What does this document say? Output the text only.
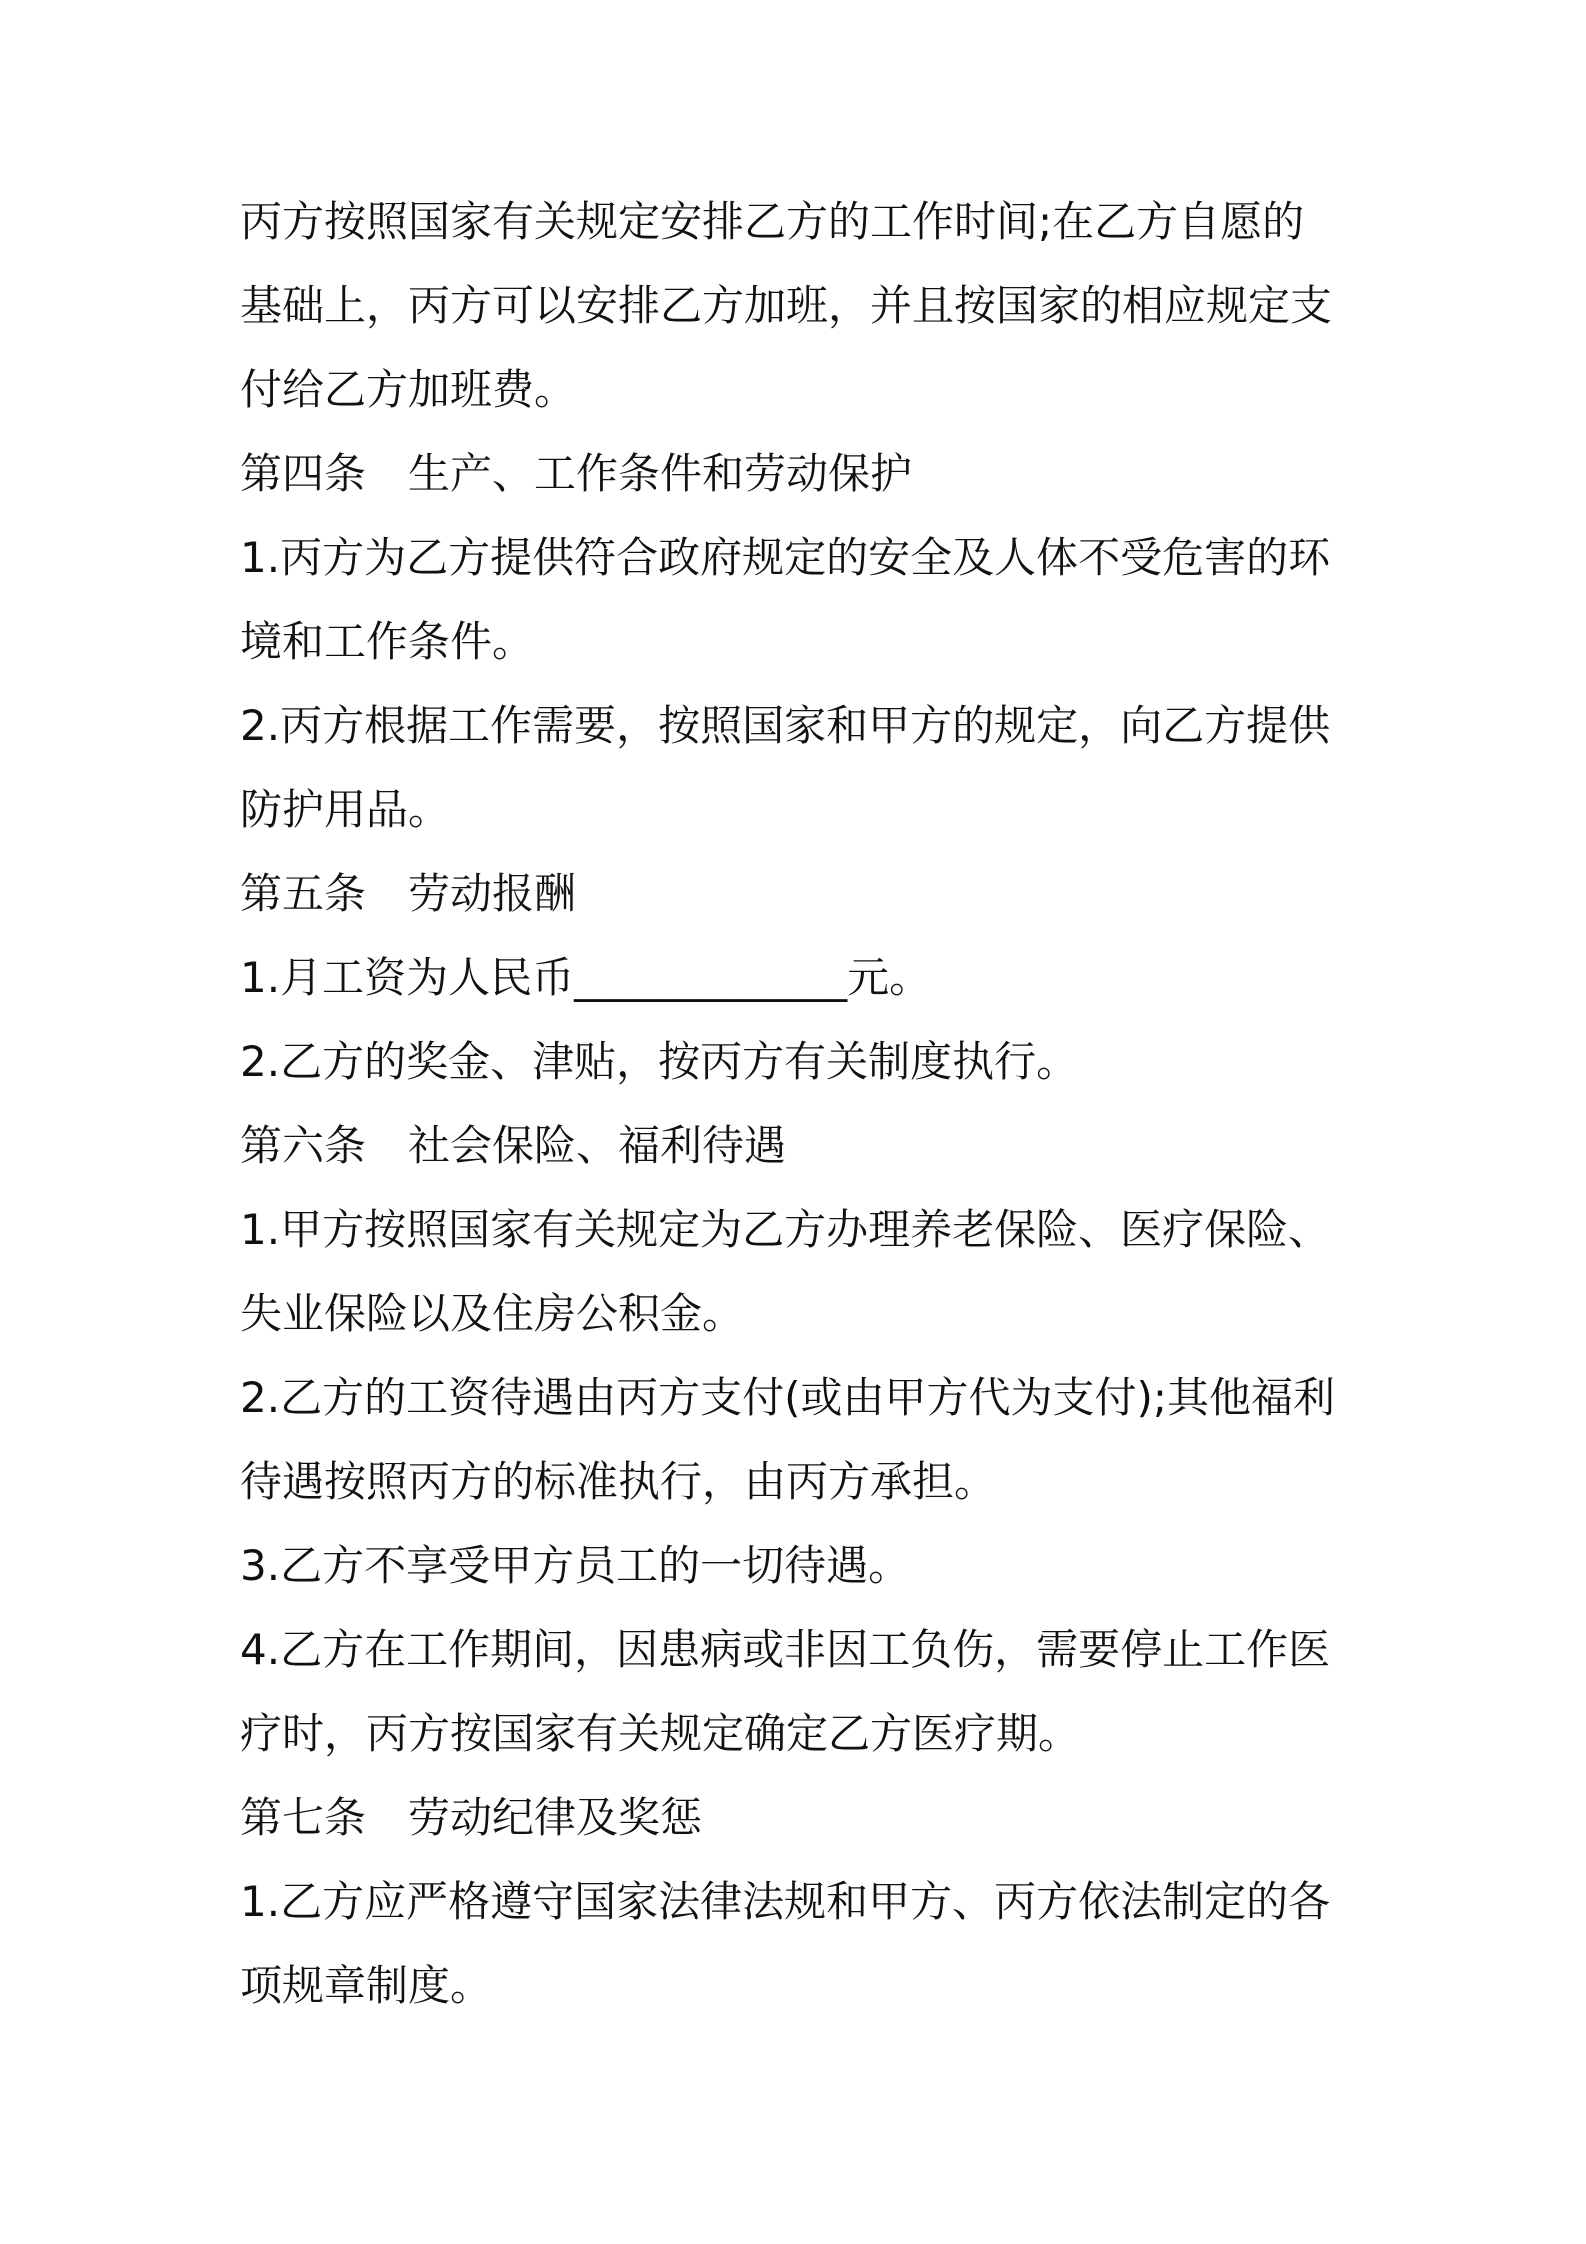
丙方按照国家有关规定安排乙方的工作时间;在乙方自愿的
基础上，丙方可以安排乙方加班，并且按国家的相应规定支
付给乙方加班费。
第四条　生产、工作条件和劳动保护
1.丙方为乙方提供符合政府规定的安全及人体不受危害的环
境和工作条件。
2.丙方根据工作需要，按照国家和甲方的规定，向乙方提供
防护用品。
第五条　劳动报酬
1.月工资为人民币_____________元。
2.乙方的奖金、津贴，按丙方有关制度执行。
第六条　社会保险、福利待遇
1.甲方按照国家有关规定为乙方办理养老保险、医疗保险、
失业保险以及住房公积金。
2.乙方的工资待遇由丙方支付(或由甲方代为支付);其他福利
待遇按照丙方的标准执行，由丙方承担。
3.乙方不享受甲方员工的一切待遇。
4.乙方在工作期间，因患病或非因工负伤，需要停止工作医
疗时，丙方按国家有关规定确定乙方医疗期。
第七条　劳动纪律及奖惩
1.乙方应严格遵守国家法律法规和甲方、丙方依法制定的各
项规章制度。
